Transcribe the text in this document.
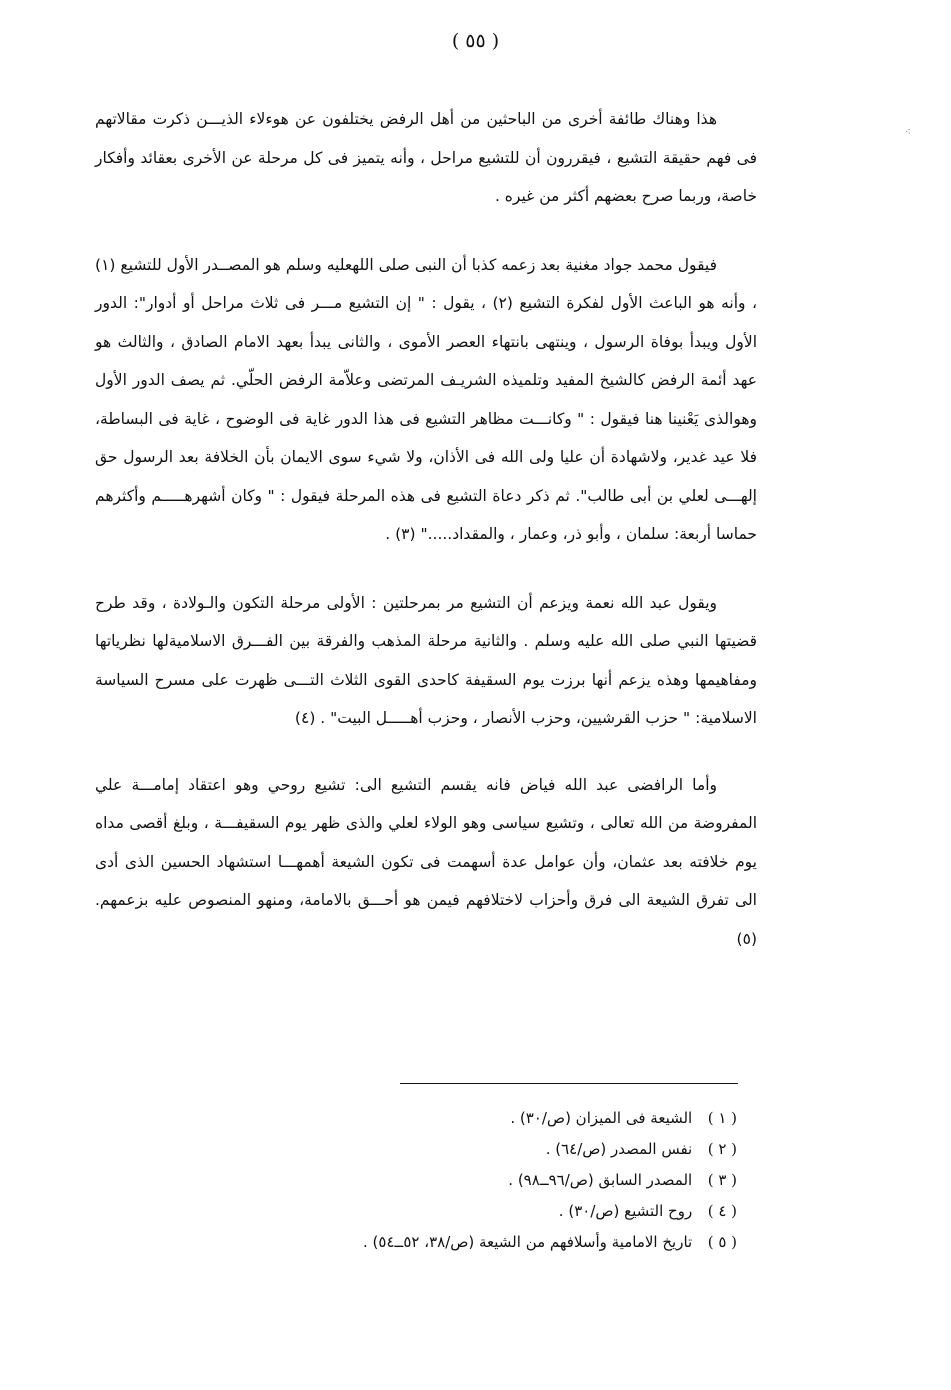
( ٥٥ )
⁖

هذا وهناك طائفة أخرى من الباحثين من أهل الرفض يختلفون عن هوءلاء الذيـــن ذكرت مقالاتهم فى فهم حقيقة التشيع ، فيقررون أن للتشيع مراحل ، وأنه يتميز فى كل مرحلة عن الأخرى بعقائد وأفكار خاصة، وربما صرح بعضهم أكثر من غيره .

فيقول محمد جواد مغنية بعد زعمه كذبا أن النبى صلى اللهعليه وسلم هو المصــدر الأول للتشيع (١) ، وأنه هو الباعث الأول لفكرة التشيع (٢) ، يقول : " إن التشيع مـــر فى ثلاث مراحل أو أدوار": الدور الأول ويبدأ بوفاة الرسول ، وينتهى بانتهاء العصر الأموى ، والثانى يبدأ بعهد الامام الصادق ، والثالث هو عهد أئمة الرفض كالشيخ المفيد وتلميذه الشريـف المرتضى وعلاّمة الرفض الحلّي. ثم يصف الدور الأول وهوالذى يَعْنينا هنا فيقول : " وكانـــت مظاهر التشيع فى هذا الدور غاية فى الوضوح ، غاية فى البساطة، فلا عيد غدير، ولاشهادة أن عليا ولى الله فى الأذان، ولا شيء سوى الايمان بأن الخلافة بعد الرسول حق إلهـــى لعلي بن أبى طالب". ثم ذكر دعاة التشيع فى هذه المرحلة فيقول : " وكان أشهرهـــــم وأكثرهم حماسا أربعة: سلمان ، وأبو ذر، وعمار ، والمقداد....." (٣) .

ويقول عبد الله نعمة ويزعم أن التشيع مر بمرحلتين : الأولى مرحلة التكون والـولادة ، وقد طرح قضيتها النبي صلى الله عليه وسلم . والثانية مرحلة المذهب والفرقة بين الفـــرق الاسلاميةلها نظرياتها ومفاهيمها وهذه يزعم أنها برزت يوم السقيفة كاحدى القوى الثلاث التـــى ظهرت على مسرح السياسة الاسلامية: " حزب القرشيين، وحزب الأنصار ، وحزب أهـــــل البيت" . (٤)

وأما الرافضى عبد الله فياض فانه يقسم التشيع الى: تشيع روحي وهو اعتقاد إمامـــة علي المفروضة من الله تعالى ، وتشيع سياسى وهو الولاء لعلي والذى ظهر يوم السقيفـــة ، وبلغ أقصى مداه يوم خلافته بعد عثمان، وأن عوامل عدة أسهمت فى تكون الشيعة أهمهـــا استشهاد الحسين الذى أدى الى تفرق الشيعة الى فرق وأحزاب لاختلافهم فيمن هو أحـــق بالامامة، ومنهو المنصوص عليه بزعمهم. (٥)

( ١ ) الشيعة فى الميزان (ص/٣٠) .
( ٢ ) نفس المصدر (ص/٦٤) .
( ٣ ) المصدر السابق (ص/٩٦ــ٩٨) .
( ٤ ) روح التشيع (ص/٣٠) .
( ٥ ) تاريخ الامامية وأسلافهم من الشيعة (ص/٣٨، ٥٢ــ٥٤) .
